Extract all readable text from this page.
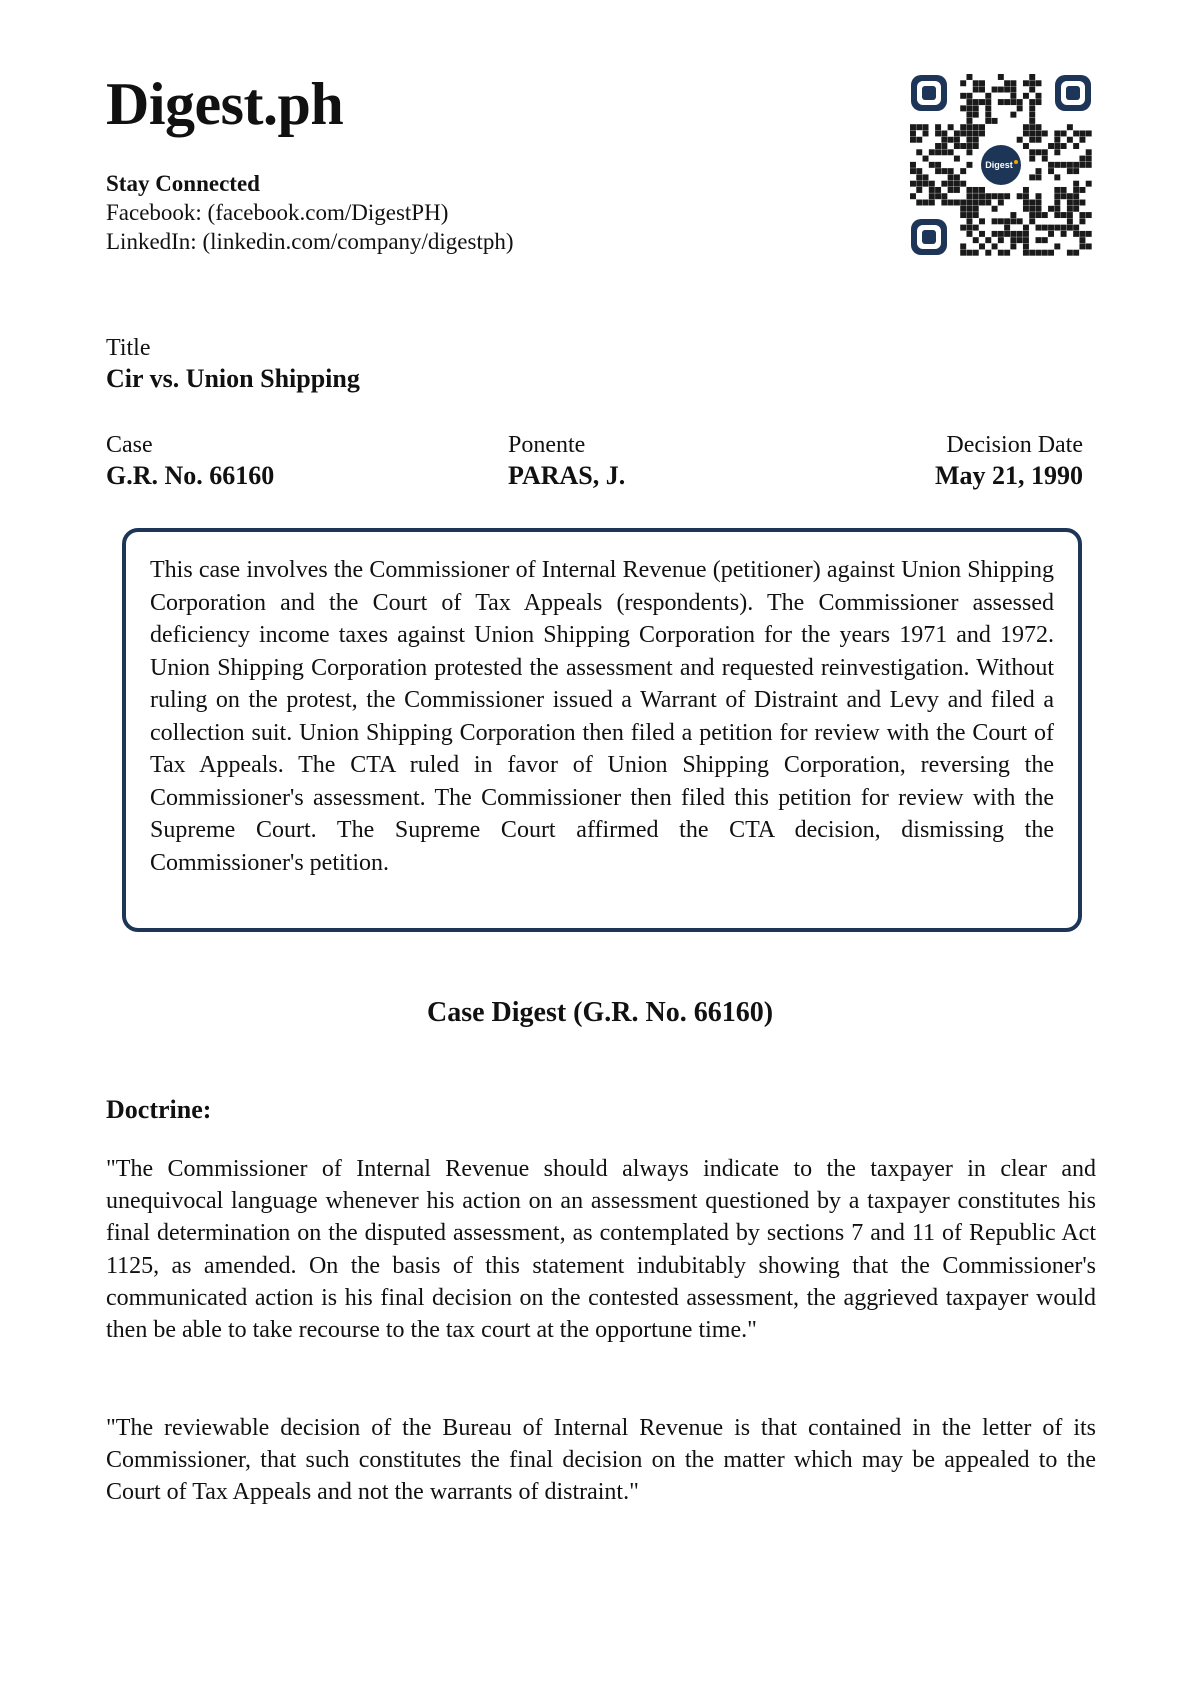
Digest.ph
Stay Connected
Facebook: (facebook.com/DigestPH)
LinkedIn: (linkedin.com/company/digestph)
Digest
Title
Cir vs. Union Shipping
Case
G.R. No. 66160
Ponente
PARAS, J.
Decision Date
May 21, 1990
This case involves the Commissioner of Internal Revenue (petitioner) against Union Shipping Corporation and the Court of Tax Appeals (respondents). The Commissioner assessed deficiency income taxes against Union Shipping Corporation for the years 1971 and 1972. Union Shipping Corporation protested the assessment and requested reinvestigation. Without ruling on the protest, the Commissioner issued a Warrant of Distraint and Levy and filed a collection suit. Union Shipping Corporation then filed a petition for review with the Court of Tax Appeals. The CTA ruled in favor of Union Shipping Corporation, reversing the Commissioner's assessment. The Commissioner then filed this petition for review with the Supreme Court. The Supreme Court affirmed the CTA decision, dismissing the Commissioner's petition.
Case Digest (G.R. No. 66160)
Doctrine:

"The Commissioner of Internal Revenue should always indicate to the taxpayer in clear and unequivocal language whenever his action on an assessment questioned by a taxpayer constitutes his final determination on the disputed assessment, as contemplated by sections 7 and 11 of Republic Act 1125, as amended. On the basis of this statement indubitably showing that the Commissioner's communicated action is his final decision on the contested assessment, the aggrieved taxpayer would then be able to take recourse to the tax court at the opportune time."

"The reviewable decision of the Bureau of Internal Revenue is that contained in the letter of its Commissioner, that such constitutes the final decision on the matter which may be appealed to the Court of Tax Appeals and not the warrants of distraint."
